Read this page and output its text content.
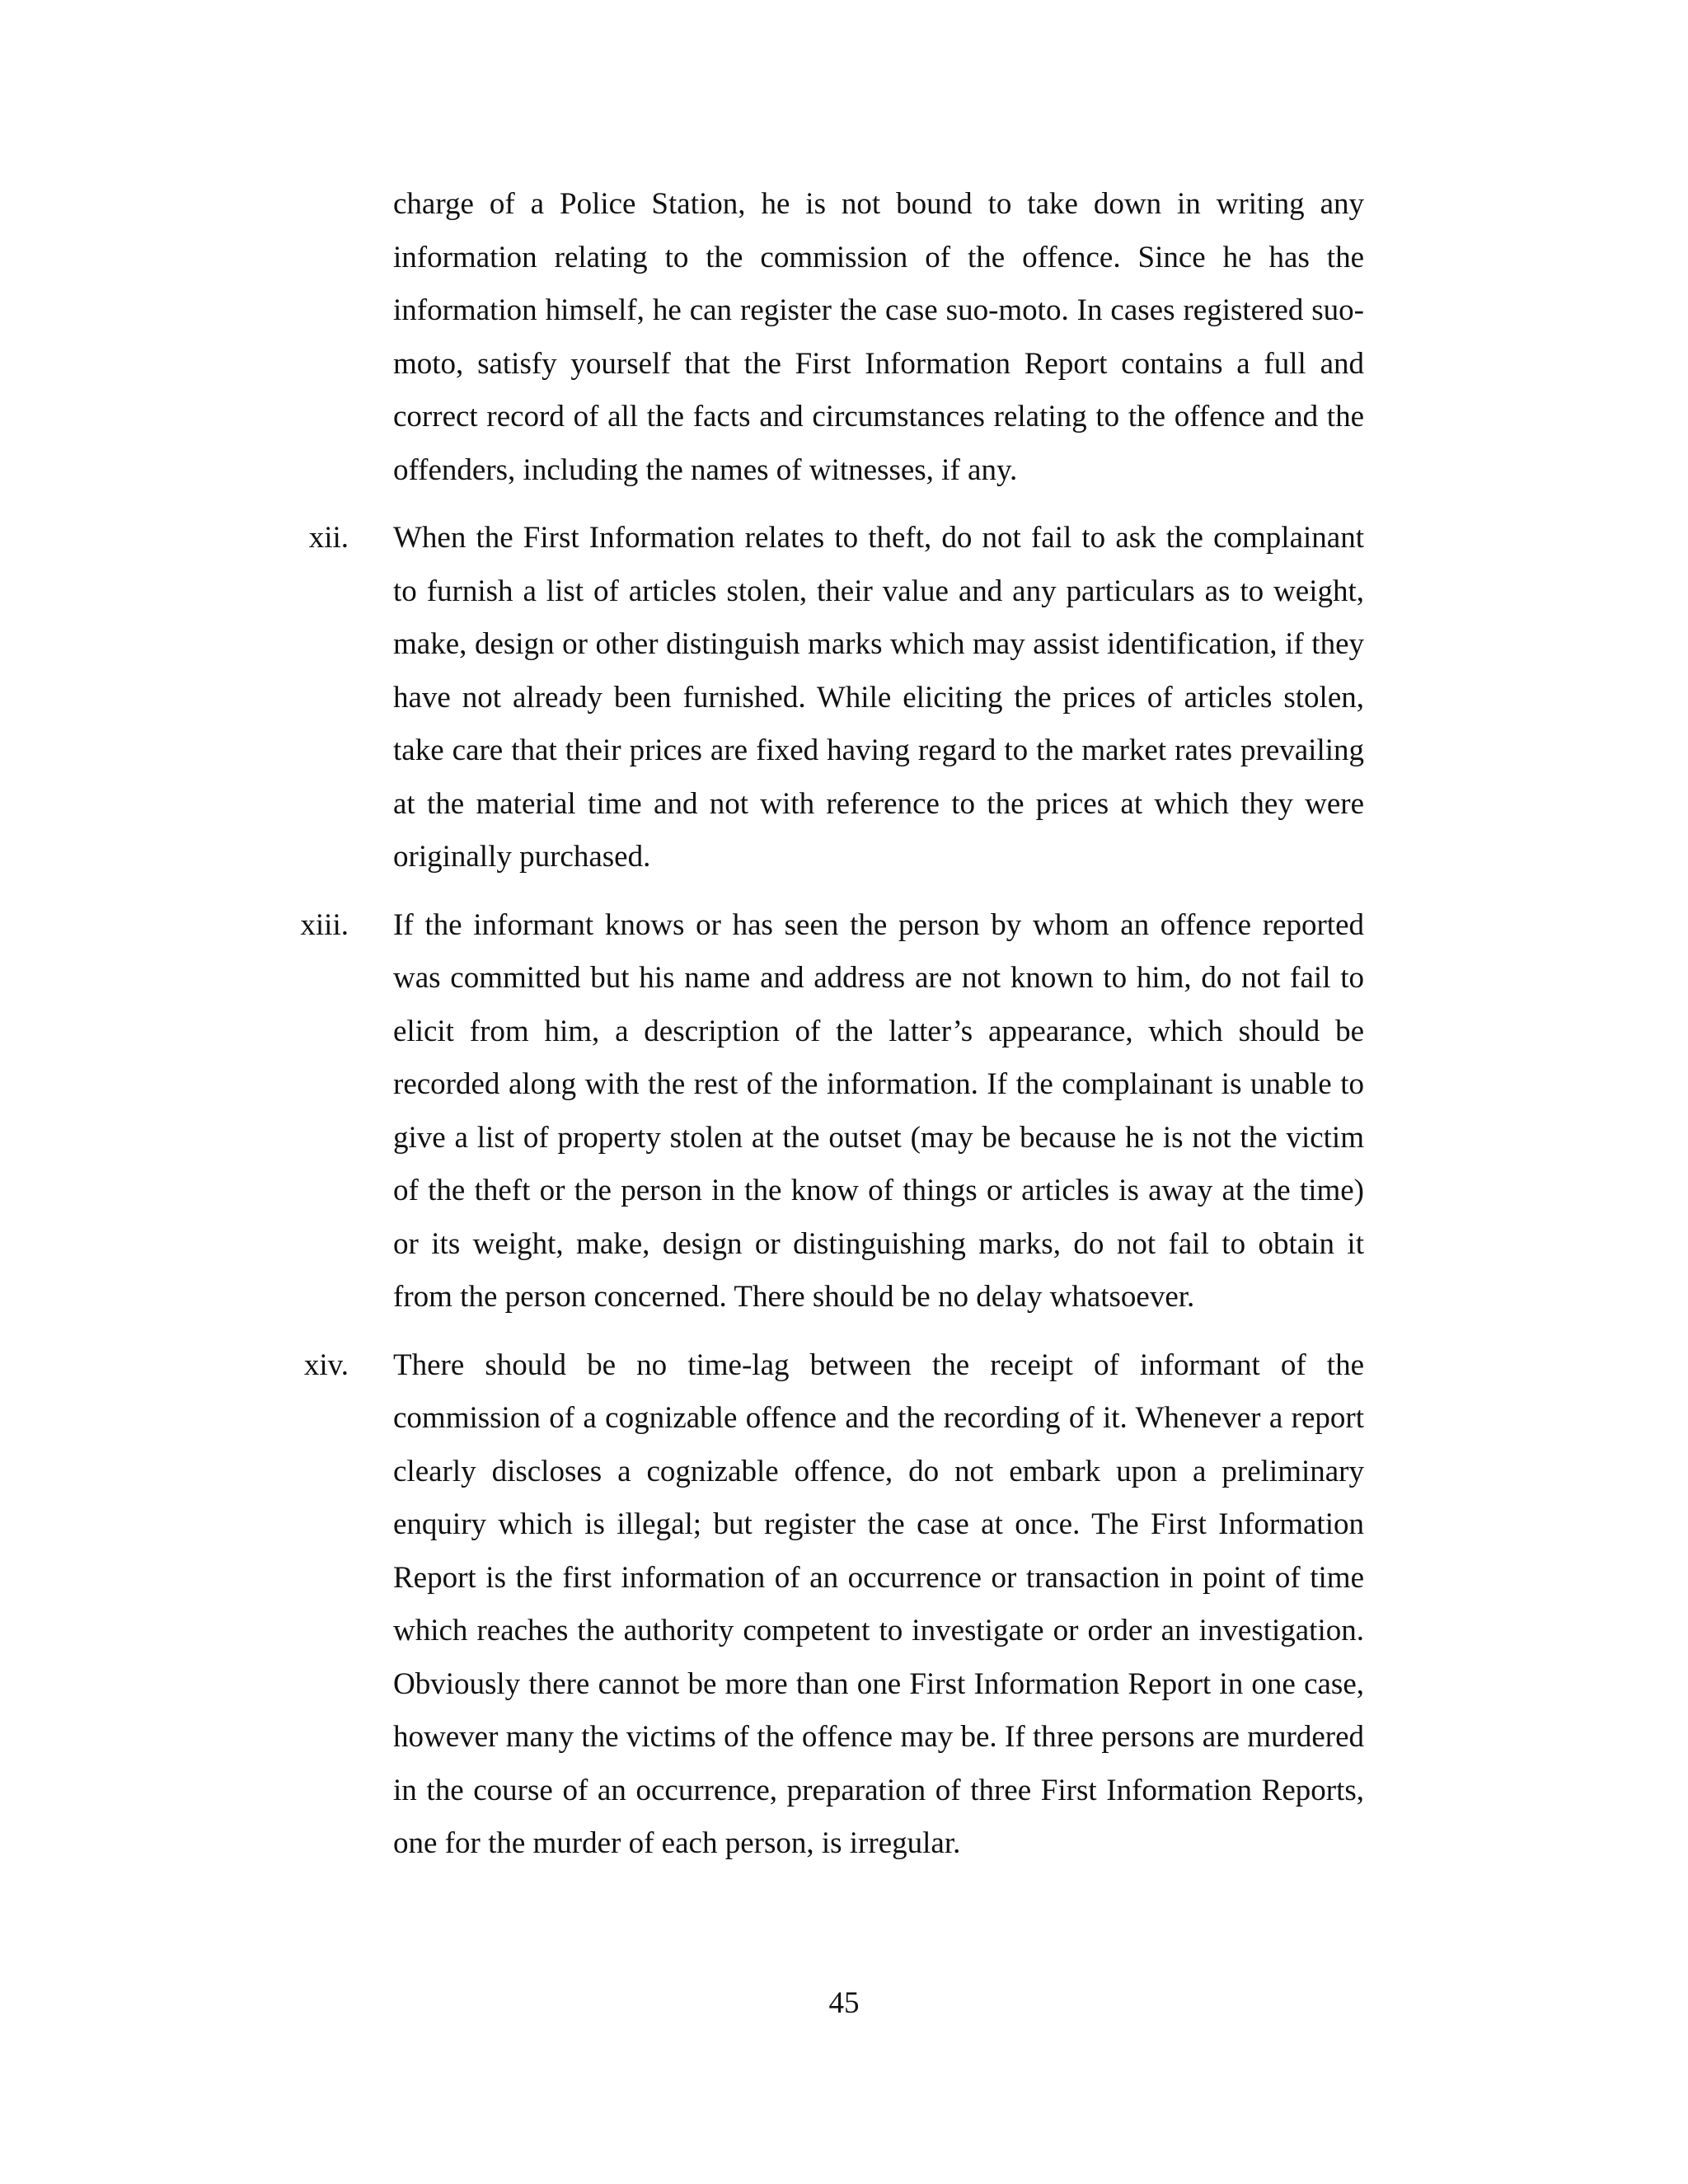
charge of a Police Station, he is not bound to take down in writing any information relating to the commission of the offence. Since he has the information himself, he can register the case suo-moto. In cases registered suo-moto, satisfy yourself that the First Information Report contains a full and correct record of all the facts and circumstances relating to the offence and the offenders, including the names of witnesses, if any.

xii. When the First Information relates to theft, do not fail to ask the complainant to furnish a list of articles stolen, their value and any particulars as to weight, make, design or other distinguish marks which may assist identification, if they have not already been furnished. While eliciting the prices of articles stolen, take care that their prices are fixed having regard to the market rates prevailing at the material time and not with reference to the prices at which they were originally purchased.
xiii. If the informant knows or has seen the person by whom an offence reported was committed but his name and address are not known to him, do not fail to elicit from him, a description of the latter’s appearance, which should be recorded along with the rest of the information. If the complainant is unable to give a list of property stolen at the outset (may be because he is not the victim of the theft or the person in the know of things or articles is away at the time) or its weight, make, design or distinguishing marks, do not fail to obtain it from the person concerned. There should be no delay whatsoever.
xiv. There should be no time-lag between the receipt of informant of the commission of a cognizable offence and the recording of it. Whenever a report clearly discloses a cognizable offence, do not embark upon a preliminary enquiry which is illegal; but register the case at once. The First Information Report is the first information of an occurrence or transaction in point of time which reaches the authority competent to investigate or order an investigation. Obviously there cannot be more than one First Information Report in one case, however many the victims of the offence may be. If three persons are murdered in the course of an occurrence, preparation of three First Information Reports, one for the murder of each person, is irregular.
45
